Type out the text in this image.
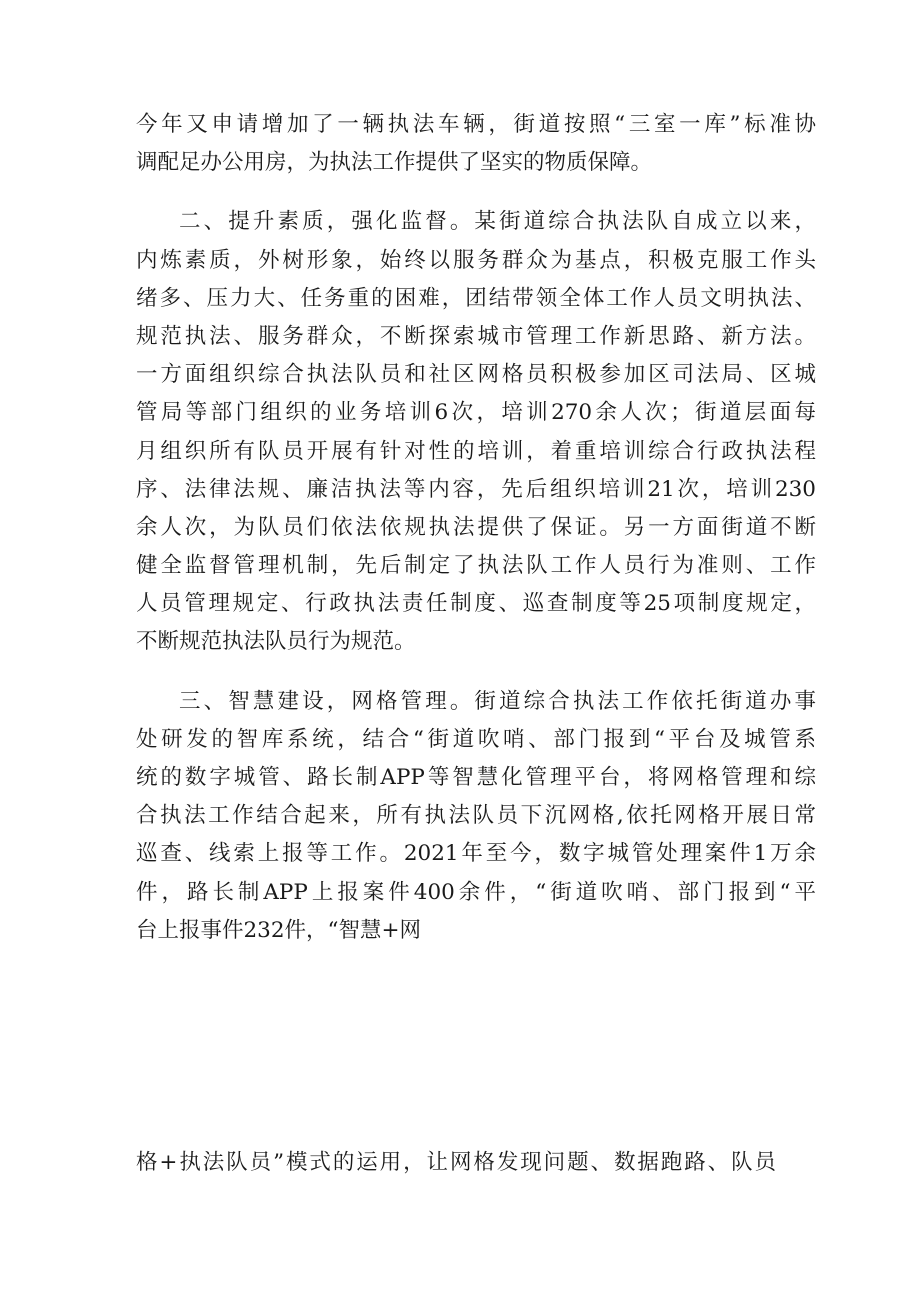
今年又申请增加了一辆执法车辆，街道按照“三室一库”标准协
调配足办公用房，为执法工作提供了坚实的物质保障。
二、提升素质，强化监督。某街道综合执法队自成立以来，
内炼素质，外树形象，始终以服务群众为基点，积极克服工作头
绪多、压力大、任务重的困难，团结带领全体工作人员文明执法、
规范执法、服务群众，不断探索城市管理工作新思路、新方法。
一方面组织综合执法队员和社区网格员积极参加区司法局、区城
管局等部门组织的业务培训6次，培训270余人次；街道层面每
月组织所有队员开展有针对性的培训，着重培训综合行政执法程
序、法律法规、廉洁执法等内容，先后组织培训21次，培训230
余人次，为队员们依法依规执法提供了保证。另一方面街道不断
健全监督管理机制，先后制定了执法队工作人员行为准则、工作
人员管理规定、行政执法责任制度、巡查制度等25项制度规定，
不断规范执法队员行为规范。
三、智慧建设，网格管理。街道综合执法工作依托街道办事
处研发的智库系统，结合“街道吹哨、部门报到“平台及城管系
统的数字城管、路长制APP等智慧化管理平台，将网格管理和综
合执法工作结合起来，所有执法队员下沉网格,依托网格开展日常
巡查、线索上报等工作。2021年至今，数字城管处理案件1万余
件，路长制APP上报案件400余件，“街道吹哨、部门报到“平
台上报事件232件，“智慧+网
格+执法队员”模式的运用，让网格发现问题、数据跑路、队员
